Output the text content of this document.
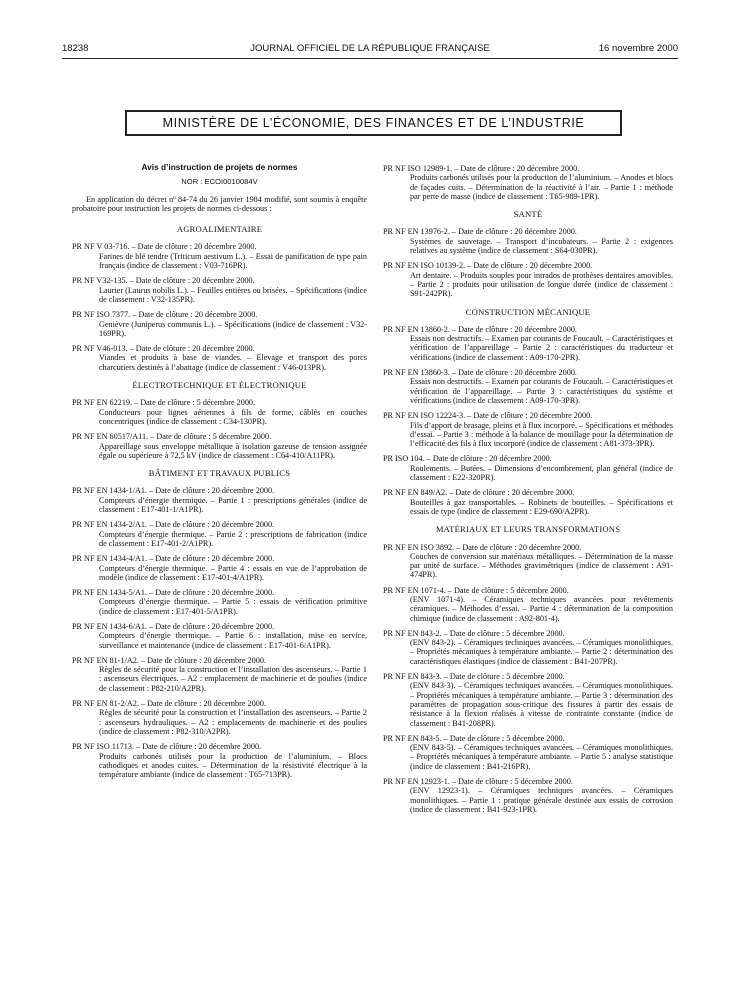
18238	JOURNAL OFFICIEL DE LA RÉPUBLIQUE FRANÇAISE	16 novembre 2000
MINISTÈRE DE L’ÉCONOMIE, DES FINANCES ET DE L’INDUSTRIE
Avis d’instruction de projets de normes
NOR : ECOI0010084V
En application du décret nº 84-74 du 26 janvier 1984 modifié, sont soumis à enquête probatoire pour instruction les projets de normes ci-dessous :
AGROALIMENTAIRE
PR NF V 03-716. – Date de clôture : 20 décembre 2000.
Farines de blé tendre (Triticum aestivum L.). – Essai de panification de type pain français (indice de classement : V03-716PR).
PR NF V32-135. – Date de clôture : 20 décembre 2000.
Laurier (Laurus nobilis L.). – Feuilles entières ou brisées. – Spécifications (indice de classement : V32-135PR).
PR NF ISO 7377. – Date de clôture : 20 décembre 2000.
Genièvre (Juniperus communis L.). – Spécifications (indice de classement : V32-169PR).
PR NF V46-013. – Date de clôture : 20 décembre 2000.
Viandes et produits à base de viandes. – Elevage et transport des porcs charcutiers destinés à l’abattage (indice de classement : V46-013PR).
ÉLECTROTECHNIQUE ET ÉLECTRONIQUE
PR NF EN 62219. – Date de clôture : 5 décembre 2000.
Conducteurs pour lignes aériennes à fils de forme, câblés en couches concentriques (indice de classement : C34-130PR).
PR NF EN 60517/A11. – Date de clôture : 5 décembre 2000.
Appareillage sous enveloppe métallique à isolation gazeuse de tension assignée égale ou supérieure à 72,5 kV (indice de classement : C64-410/A11PR).
BÂTIMENT ET TRAVAUX PUBLICS
PR NF EN 1434-1/A1. – Date de clôture : 20 décembre 2000.
Compteurs d’énergie thermique. – Partie 1 : prescriptions générales (indice de classement : E17-401-1/A1PR).
PR NF EN 1434-2/A1. – Date de clôture : 20 décembre 2000.
Compteurs d’énergie thermique. – Partie 2 : prescriptions de fabrication (indice de classement : E17-401-2/A1PR).
PR NF EN 1434-4/A1. – Date de clôture : 20 décembre 2000.
Compteurs d’énergie thermique. – Partie 4 : essais en vue de l’approbation de modèle (indice de classement : E17-401-4/A1PR).
PR NF EN 1434-5/A1. – Date de clôture : 20 décembre 2000.
Compteurs d’énergie thermique. – Partie 5 : essais de vérification primitive (indice de classement : E17-401-5/A1PR).
PR NF EN 1434-6/A1. – Date de clôture : 20 décembre 2000.
Compteurs d’énergie thermique. – Partie 6 : installation, mise en service, surveillance et maintenance (indice de classement : E17-401-6/A1PR).
PR NF EN 81-1/A2. – Date de clôture : 20 décembre 2000.
Règles de sécurité pour la construction et l’installation des ascenseurs. – Partie 1 : ascenseurs électriques. – A2 : emplacement de machinerie et de poulies (indice de classement : P82-210/A2PR).
PR NF EN 81-2/A2. – Date de clôture : 20 décembre 2000.
Règles de sécurité pour la construction et l’installation des ascenseurs. – Partie 2 : ascenseurs hydrauliques. – A2 : emplacements de machinerie et des poulies (indice de classement : P82-310/A2PR).
PR NF ISO 11713. – Date de clôture : 20 décembre 2000.
Produits carbonés utilisés pour la production de l’aluminium. – Blocs cathodiques et anodes cuites. – Détermination de la résistivité électrique à la température ambiante (indice de classement : T65-713PR).
PR NF ISO 12989-1. – Date de clôture : 20 décembre 2000.
Produits carbonés utilisés pour la production de l’aluminium. – Anodes et blocs de façades cuits. – Détermination de la réactivité à l’air. – Partie 1 : méthode par perte de masse (indice de classement : T65-989-1PR).
SANTÉ
PR NF EN 13976-2. – Date de clôture : 20 décembre 2000.
Systèmes de sauvetage. – Transport d’incubateurs. – Partie 2 : exigences relatives au système (indice de classement : S64-030PR).
PR NF EN ISO 10139-2. – Date de clôture : 20 décembre 2000.
Art dentaire. – Produits souples pour intrados de prothèses dentaires amovibles. – Partie 2 : produits pour utilisation de longue durée (indice de classement : S91-242PR).
CONSTRUCTION MÉCANIQUE
PR NF EN 13860-2. – Date de clôture : 20 décembre 2000.
Essais non destructifs. – Examen par courants de Foucault. – Caractéristiques et vérification de l’appareillage – Partie 2 : caractéristiques du traducteur et vérifications (indice de classement : A09-170-2PR).
PR NF EN 13860-3. – Date de clôture : 20 décembre 2000.
Essais non destructifs. – Examen par courants de Foucault. – Caractéristiques et vérification de l’appareillage. – Partie 3 : caractéristiques du système et vérifications (indice de classement : A09-170-3PR).
PR NF EN ISO 12224-3. – Date de clôture : 20 décembre 2000.
Fils d’apport de brasage, pleins et à flux incorporé. – Spécifications et méthodes d’essai. – Partie 3 : méthode à la balance de mouillage pour la détermination de l’efficacité des fils à flux incorporé (indice de classement : A81-373-3PR).
PR ISO 104. – Date de clôture : 20 décembre 2000.
Roulements. – Butées. – Dimensions d’encombrement, plan général (indice de classement : E22-320PR).
PR NF EN 849/A2. – Date de clôture : 20 décembre 2000.
Bouteilles à gaz transportables. – Robinets de bouteilles. – Spécifications et essais de type (indice de classement : E29-690/A2PR).
MATÉRIAUX ET LEURS TRANSFORMATIONS
PR NF EN ISO 3892. – Date de clôture : 20 décembre 2000.
Couches de conversion sur matériaux métalliques. – Détermination de la masse par unité de surface. – Méthodes gravimétriques (indice de classement : A91-474PR).
PR NF EN 1071-4. – Date de clôture : 5 décembre 2000.
(ENV 1071-4). – Céramiques techniques avancées pour revêtements céramiques. – Méthodes d’essai. – Partie 4 : détermination de la composition chimique (indice de classement : A92-801-4).
PR NF EN 843-2. – Date de clôture : 5 décembre 2000.
(ENV 843-2). – Céramiques techniques avancées. – Céramiques monolithiques. – Propriétés mécaniques à température ambiante. – Partie 2 : détermination des caractéristiques élastiques (indice de classement : B41-207PR).
PR NF EN 843-3. – Date de clôture : 5 décembre 2000.
(ENV 843-3). – Céramiques techniques avancées. – Céramiques monolithiques. – Propriétés mécaniques à température ambiante. – Partie 3 : détermination des paramètres de propagation sous-critique des fissures à partir des essais de résistance à la flexion réalisés à vitesse de contrainte constante (indice de classement : B41-208PR).
PR NF EN 843-5. – Date de clôture : 5 décembre 2000.
(ENV 843-5). – Céramiques techniques avancées. – Céramiques monolithiques. – Propriétés mécaniques à température ambiante. – Partie 5 : analyse statistique (indice de classement : B41-216PR).
PR NF EN 12923-1. – Date de clôture : 5 décembre 2000.
(ENV 12923-1). – Céramiques techniques avancées. – Céramiques monolithiques. – Partie 1 : pratique générale destinée aux essais de corrosion (indice de classement : B41-923-1PR).
